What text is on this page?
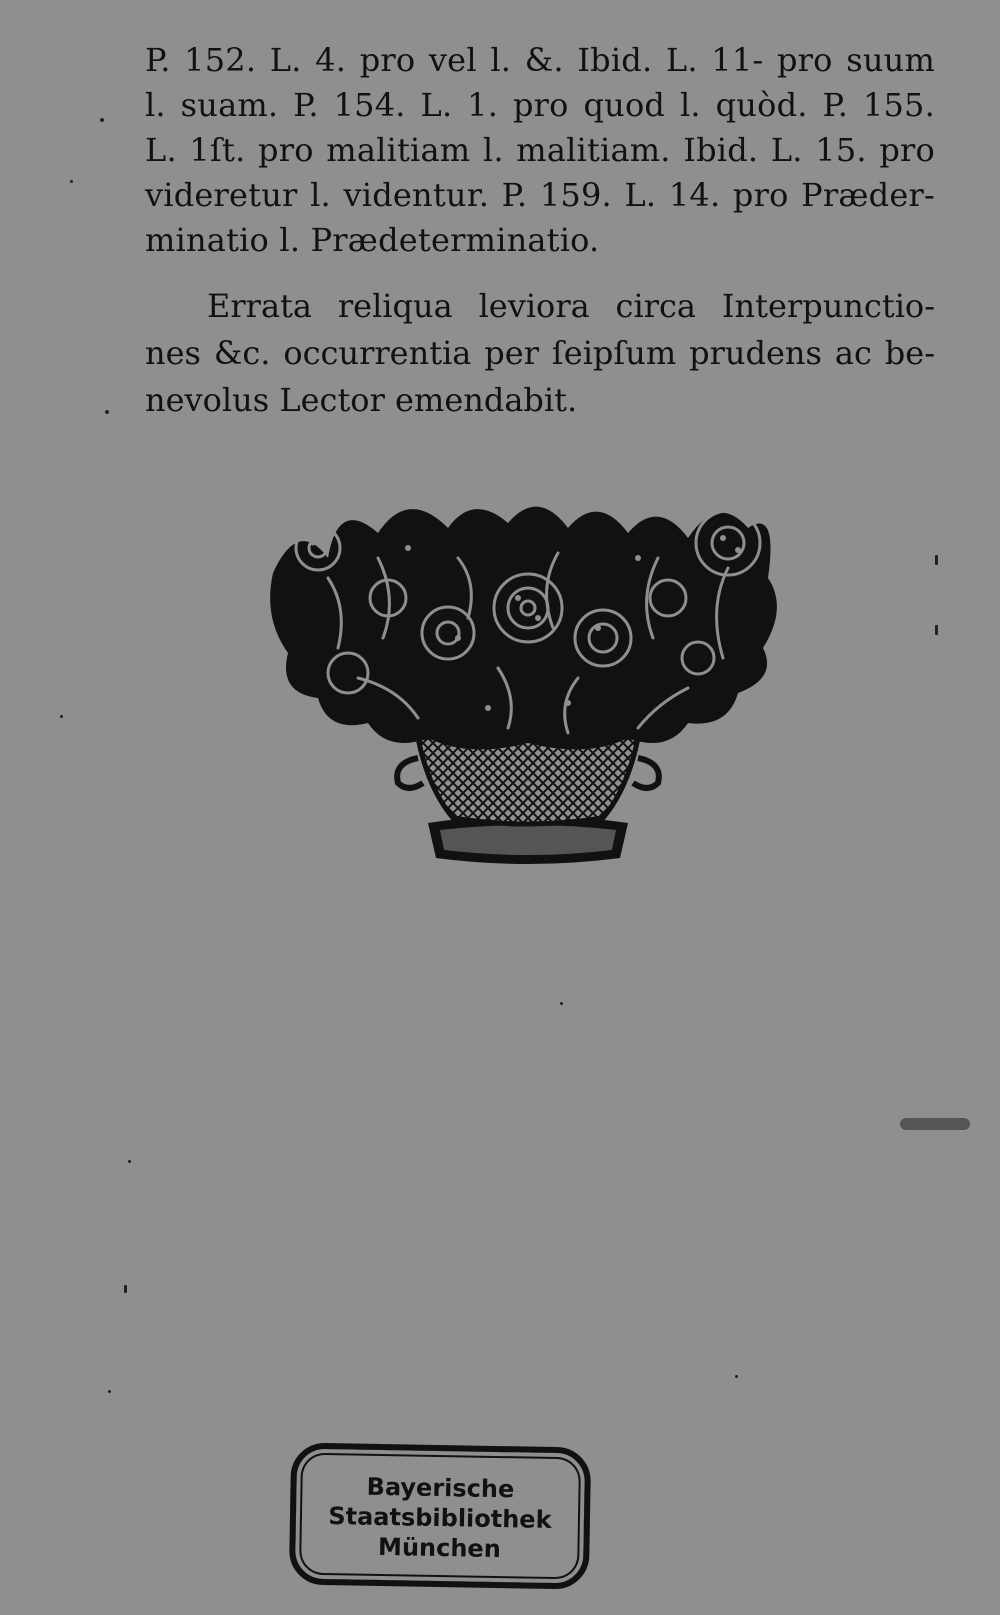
P. 152. L. 4. pro vel l. &. Ibid. L. 11- pro suum
l. suam. P. 154. L. 1. pro quod l. quòd. P. 155.
L. 1ſt. pro malitiam l. malitiam. Ibid. L. 15. pro
videretur l. videntur. P. 159. L. 14. pro Præder-
minatio l. Prædeterminatio.
Errata reliqua leviora circa Interpunctio-
nes &c. occurrentia per ſeipſum prudens ac be-
nevolus Lector emendabit.
Bayerische
Staatsbibliothek
München
